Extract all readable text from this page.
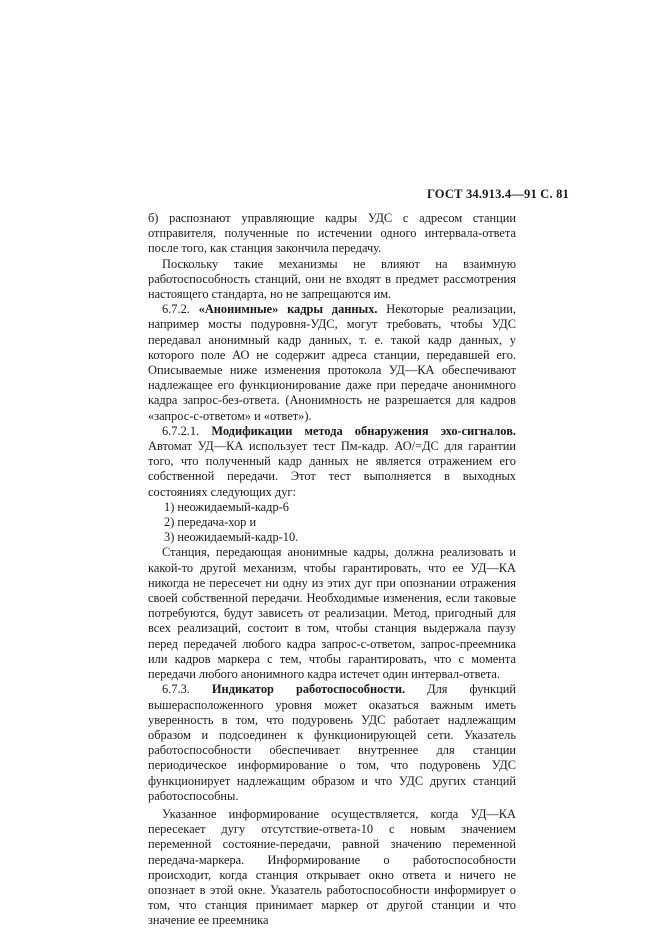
ГОСТ 34.913.4—91 С. 81

б) распознают управляющие кадры УДС с адресом станции отправителя, полученные по истечении одного интервала-ответа после того, как станция закончила передачу.

Поскольку такие механизмы не влияют на взаимную работоспособность станций, они не входят в предмет рассмотрения настоящего стандарта, но не запрещаются им.

6.7.2. «Анонимные» кадры данных. Некоторые реализации, например мосты подуровня-УДС, могут требовать, чтобы УДС передавал анонимный кадр данных, т. е. такой кадр данных, у которого поле АО не содержит адреса станции, передавшей его. Описываемые ниже изменения протокола УД—КА обеспечивают надлежащее его функционирование даже при передаче анонимного кадра запрос-без-ответа. (Анонимность не разрешается для кадров «запрос-с-ответом» и «ответ»).

6.7.2.1. Модификации метода обнаружения эхо-сигналов. Автомат УД—КА использует тест Пм-кадр. АО/=ДС для гарантии того, что полученный кадр данных не является отражением его собственной передачи. Этот тест выполняется в выходных состояниях следующих дуг:

1) неожидаемый-кадр-6

2) передача-хор и

3) неожидаемый-кадр-10.

Станция, передающая анонимные кадры, должна реализовать и какой-то другой механизм, чтобы гарантировать, что ее УД—КА никогда не пересечет ни одну из этих дуг при опознании отражения своей собственной передачи. Необходимые изменения, если таковые потребуются, будут зависеть от реализации. Метод, пригодный для всех реализаций, состоит в том, чтобы станция выдержала паузу перед передачей любого кадра запрос-с-ответом, запрос-преемника или кадров маркера с тем, чтобы гарантировать, что с момента передачи любого анонимного кадра истечет один интервал-ответа.

6.7.3. Индикатор работоспособности. Для функций вышерасположенного уровня может оказаться важным иметь уверенность в том, что подуровень УДС работает надлежащим образом и подсоединен к функционирующей сети. Указатель работоспособности обеспечивает внутреннее для станции периодическое информирование о том, что подуровень УДС функционирует надлежащим образом и что УДС других станций работоспособны.

Указанное информирование осуществляется, когда УД—КА пересекает дугу отсутствие-ответа-10 с новым значением переменной состояние-передачи, равной значению переменной передача-маркера. Информирование о работоспособности происходит, когда станция открывает окно ответа и ничего не опознает в этой окне. Указатель работоспособности информирует о том, что станция принимает маркер от другой станции и что значение ее преемника
